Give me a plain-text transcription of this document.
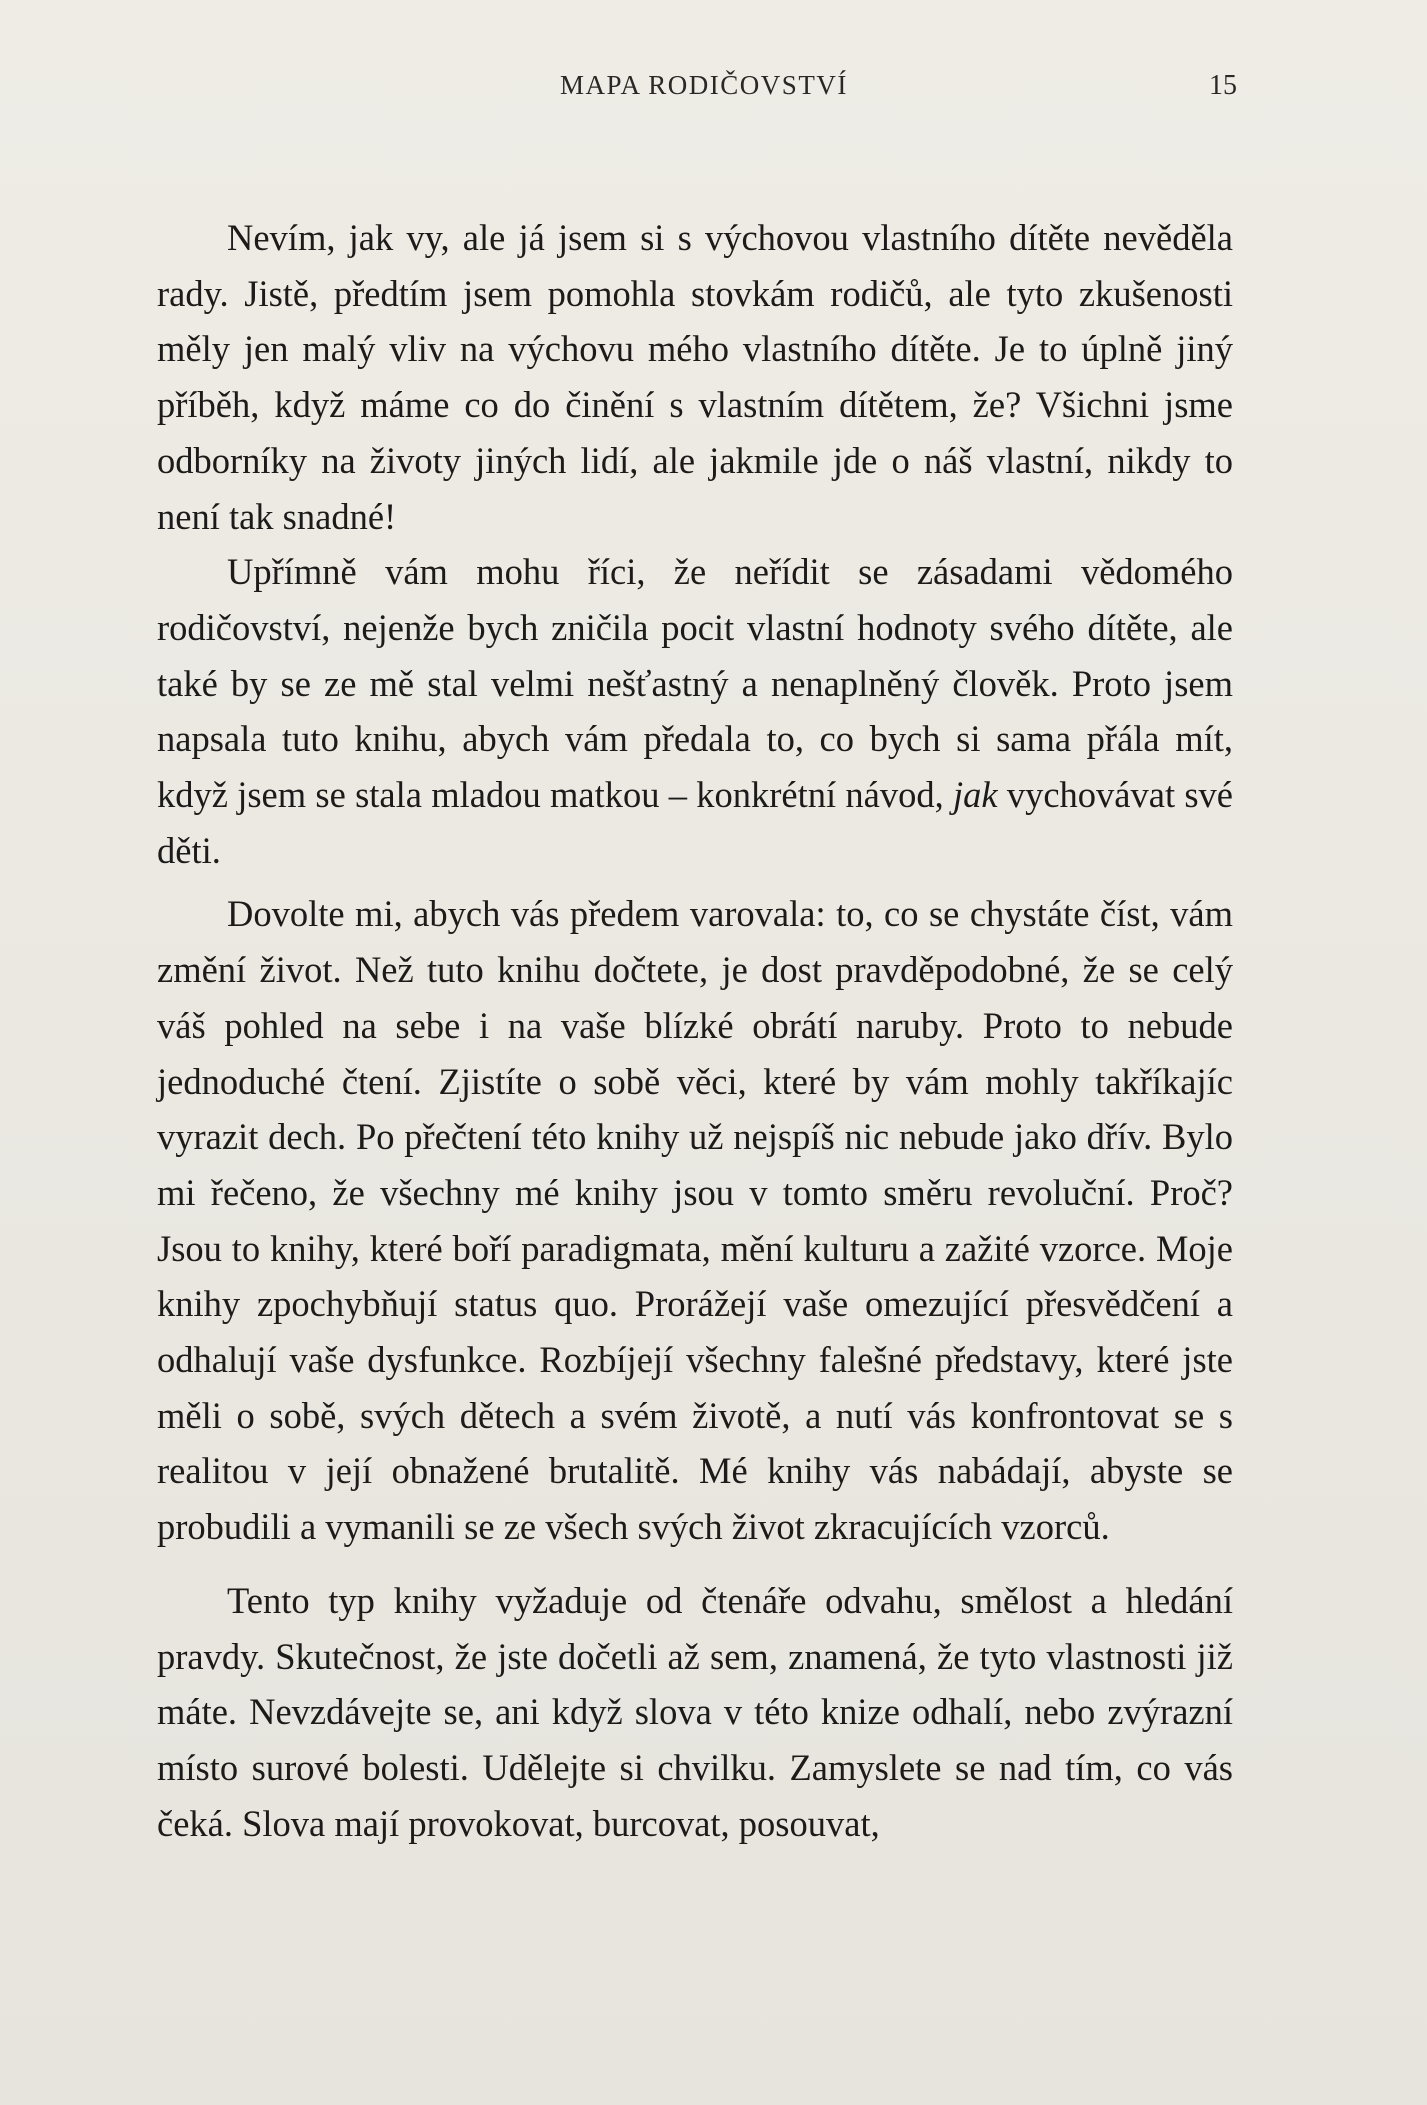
MAPA RODIČOVSTVÍ	15

Nevím, jak vy, ale já jsem si s výchovou vlastního dítěte nevěděla rady. Jistě, předtím jsem pomohla stovkám rodičů, ale tyto zkušenosti měly jen malý vliv na výchovu mého vlastního dítěte. Je to úplně jiný příběh, když máme co do činění s vlastním dítětem, že? Všichni jsme odborníky na životy jiných lidí, ale jakmile jde o náš vlastní, nikdy to není tak snadné!

Upřímně vám mohu říci, že neřídit se zásadami vědomého rodičovství, nejenže bych zničila pocit vlastní hodnoty svého dítěte, ale také by se ze mě stal velmi nešťastný a nenaplněný člověk. Proto jsem napsala tuto knihu, abych vám předala to, co bych si sama přála mít, když jsem se stala mladou matkou – konkrétní návod, jak vychovávat své děti.

Dovolte mi, abych vás předem varovala: to, co se chystáte číst, vám změní život. Než tuto knihu dočtete, je dost pravděpodobné, že se celý váš pohled na sebe i na vaše blízké obrátí naruby. Proto to nebude jednoduché čtení. Zjistíte o sobě věci, které by vám mohly takříkajíc vyrazit dech. Po přečtení této knihy už nejspíš nic nebude jako dřív. Bylo mi řečeno, že všechny mé knihy jsou v tomto směru revoluční. Proč? Jsou to knihy, které boří paradigmata, mění kulturu a zažité vzorce. Moje knihy zpochybňují status quo. Prorážejí vaše omezující přesvědčení a odhalují vaše dysfunkce. Rozbíjejí všechny falešné představy, které jste měli o sobě, svých dětech a svém životě, a nutí vás konfrontovat se s realitou v její obnažené brutalitě. Mé knihy vás nabádají, abyste se probudili a vymanili se ze všech svých život zkracujících vzorců.

Tento typ knihy vyžaduje od čtenáře odvahu, smělost a hledání pravdy. Skutečnost, že jste dočetli až sem, znamená, že tyto vlastnosti již máte. Nevzdávejte se, ani když slova v této knize odhalí, nebo zvýrazní místo surové bolesti. Udělejte si chvilku. Zamyslete se nad tím, co vás čeká. Slova mají provokovat, burcovat, posouvat,
